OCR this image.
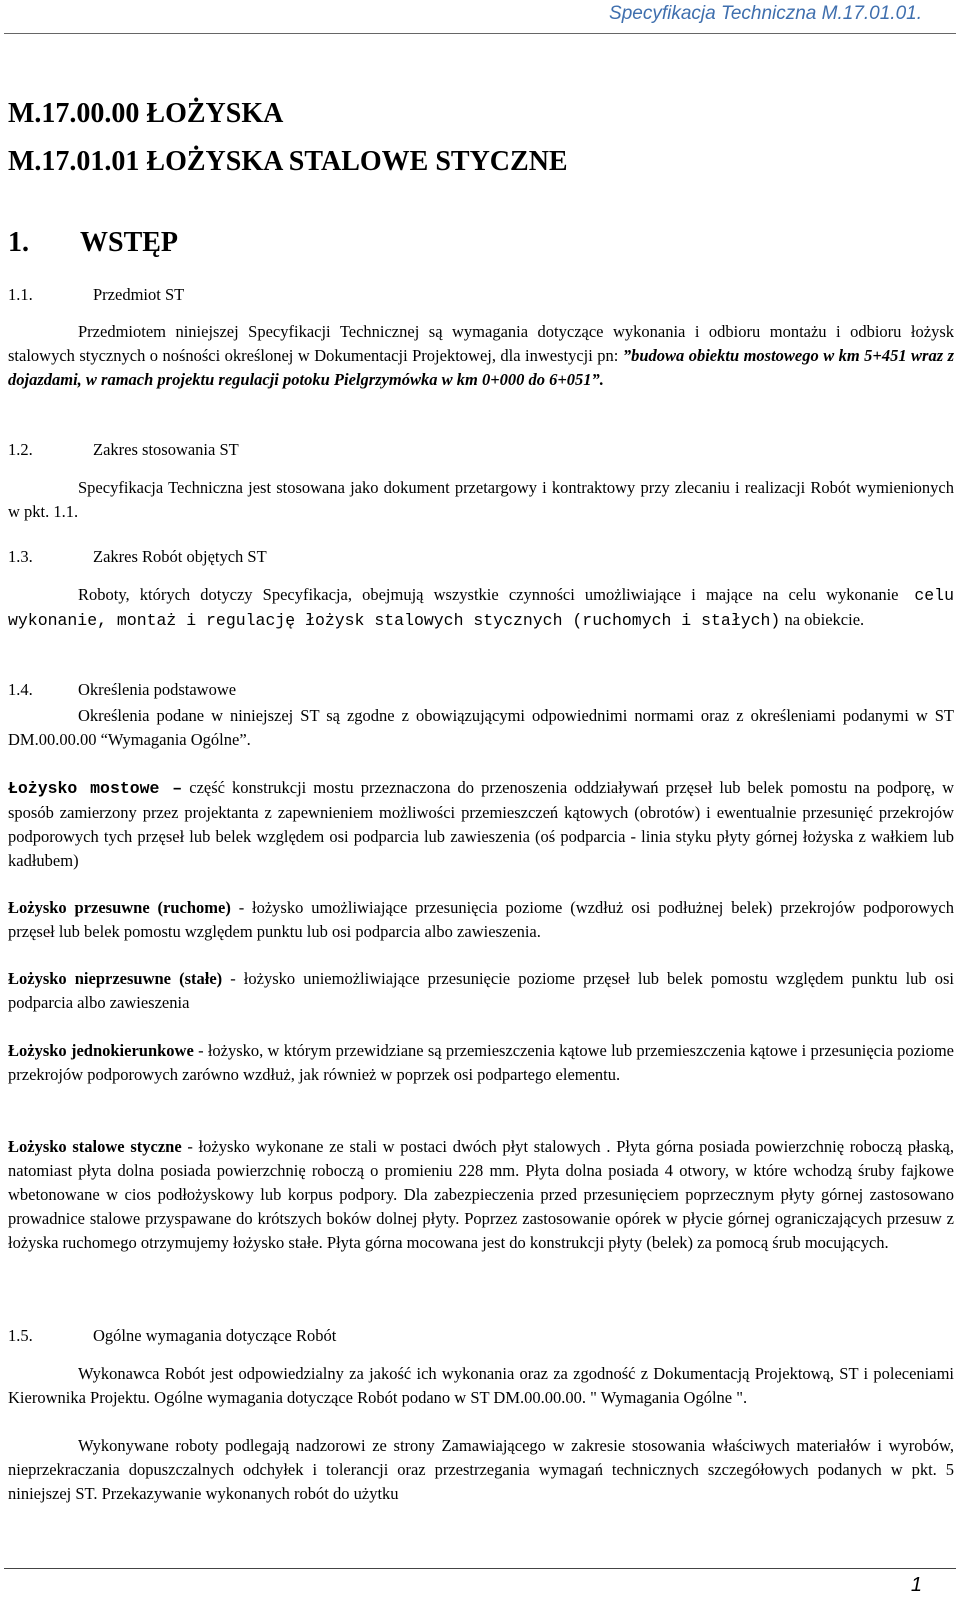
Specyfikacja Techniczna M.17.01.01.
M.17.00.00 ŁOŻYSKA
M.17.01.01 ŁOŻYSKA STALOWE STYCZNE
1. WSTĘP
1.1.	Przedmiot ST
Przedmiotem niniejszej Specyfikacji Technicznej są wymagania dotyczące wykonania i odbioru montażu i odbioru łożysk stalowych stycznych o nośności określonej w Dokumentacji Projektowej, dla inwestycji pn: ”budowa obiektu mostowego w km 5+451 wraz z dojazdami, w ramach projektu regulacji potoku Pielgrzymówka w km 0+000 do 6+051”.
1.2.	Zakres stosowania ST
Specyfikacja Techniczna jest stosowana jako dokument przetargowy i kontraktowy przy zlecaniu i realizacji Robót wymienionych w pkt. 1.1.
1.3.	Zakres Robót objętych ST
Roboty, których dotyczy Specyfikacja, obejmują wszystkie czynności umożliwiające i mające na celu wykonanie celu wykonanie, montaż i regulację łożysk stalowych stycznych (ruchomych i stałych) na obiekcie.
1.4.	Określenia podstawowe
Określenia podane w niniejszej ST są zgodne z obowiązującymi odpowiednimi normami oraz z określeniami podanymi w ST DM.00.00.00 “Wymagania Ogólne”.
Łożysko mostowe – część konstrukcji mostu przeznaczona do przenoszenia oddziaływań przęseł lub belek pomostu na podporę, w sposób zamierzony przez projektanta z zapewnieniem możliwości przemieszczeń kątowych (obrotów) i ewentualnie przesunięć przekrojów podporowych tych przęseł lub belek względem osi podparcia lub zawieszenia (oś podparcia - linia styku płyty górnej łożyska z wałkiem lub kadłubem)
Łożysko przesuwne (ruchome) - łożysko umożliwiające przesunięcia poziome (wzdłuż osi podłużnej belek) przekrojów podporowych przęseł lub belek pomostu względem punktu lub osi podparcia albo zawieszenia.
Łożysko nieprzesuwne (stałe) - łożysko uniemożliwiające przesunięcie poziome przęseł lub belek pomostu względem punktu lub osi podparcia albo zawieszenia
Łożysko jednokierunkowe - łożysko, w którym przewidziane są przemieszczenia kątowe lub przemieszczenia kątowe i przesunięcia poziome przekrojów podporowych zarówno wzdłuż, jak również w poprzek osi podpartego elementu.
Łożysko stalowe styczne - łożysko wykonane ze stali w postaci dwóch płyt stalowych . Płyta górna posiada powierzchnię roboczą płaską, natomiast płyta dolna posiada powierzchnię roboczą o promieniu 228 mm. Płyta dolna posiada 4 otwory, w które wchodzą śruby fajkowe wbetonowane w cios podłożyskowy lub korpus podpory. Dla zabezpieczenia przed przesunięciem poprzecznym płyty górnej zastosowano prowadnice stalowe przyspawane do krótszych boków dolnej płyty. Poprzez zastosowanie opórek w płycie górnej ograniczających przesuw z łożyska ruchomego otrzymujemy łożysko stałe. Płyta górna mocowana jest do konstrukcji płyty (belek) za pomocą śrub mocujących.
1.5.	Ogólne wymagania dotyczące Robót
Wykonawca Robót jest odpowiedzialny za jakość ich wykonania oraz za zgodność z Dokumentacją Projektową, ST i poleceniami Kierownika Projektu. Ogólne wymagania dotyczące Robót podano w ST DM.00.00.00. " Wymagania Ogólne ".
Wykonywane roboty podlegają nadzorowi ze strony Zamawiającego w zakresie stosowania właściwych materiałów i wyrobów, nieprzekraczania dopuszczalnych odchyłek i tolerancji oraz przestrzegania wymagań technicznych szczegółowych podanych w pkt. 5 niniejszej ST. Przekazywanie wykonanych robót do użytku
1
